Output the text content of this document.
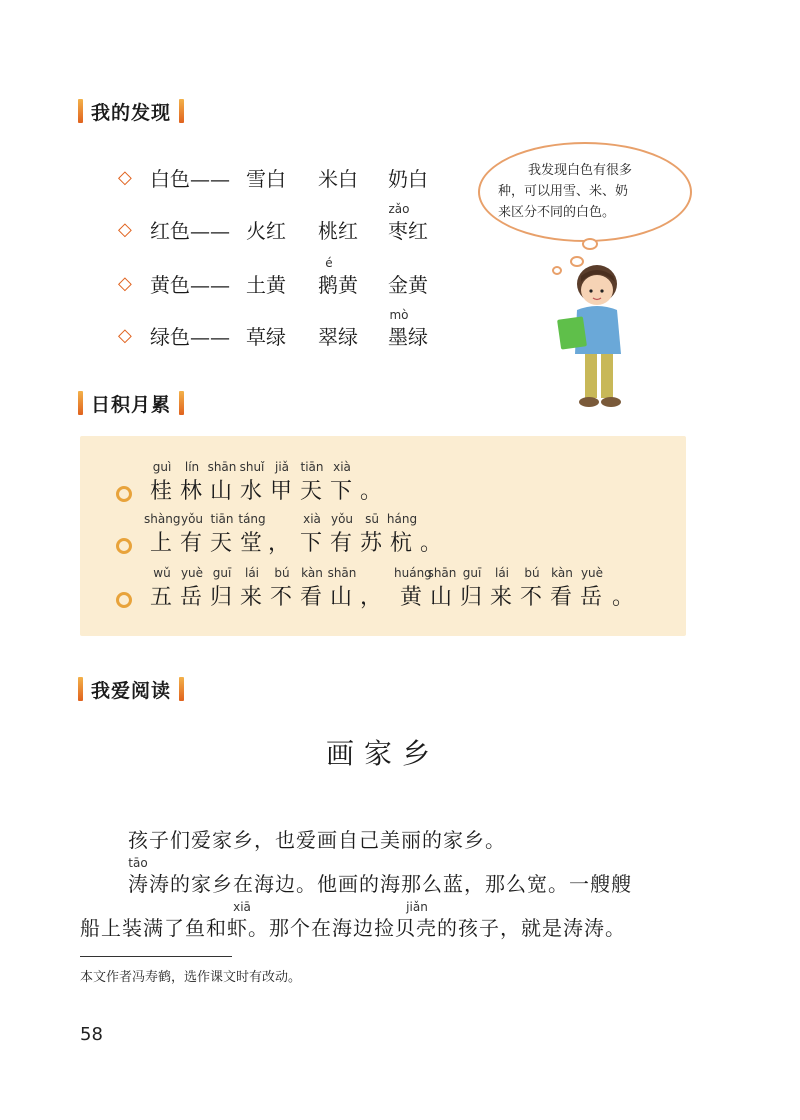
我的发现
◇ 白色—— 雪白 米白 奶白
◇ 红色—— 火红 桃红
zǎo
枣红
◇ 黄色—— 土黄
é
鹅黄 金黄
◇ 绿色—— 草绿 翠绿
mò
墨绿
我发现白色有很多
种，可以用雪、米、奶
来区分不同的白色。
日积月累
guì
桂
lín
林
shān
山
shuǐ
水
jiǎ
甲
tiān
天
xià
下 。
shàng
上
yǒu
有
tiān
天
táng
堂 ，
xià
下
yǒu
有
sū
苏
háng
杭 。
wǔ
五
yuè
岳
guī
归
lái
来
bú
不
kàn
看
shān
山 ，
huáng
黄
shān
山
guī
归
lái
来
bú
不
kàn
看
yuè
岳 。
我爱阅读
画家乡
孩子们爱家乡，也爱画自己美丽的家乡。
tāo
涛涛的家乡在海边。他画的海那么蓝，那么宽。一艘艘
xiā	jiǎn
船上装满了鱼和虾。那个在海边捡贝壳的孩子，就是涛涛。
本文作者冯寿鹤，选作课文时有改动。
58
